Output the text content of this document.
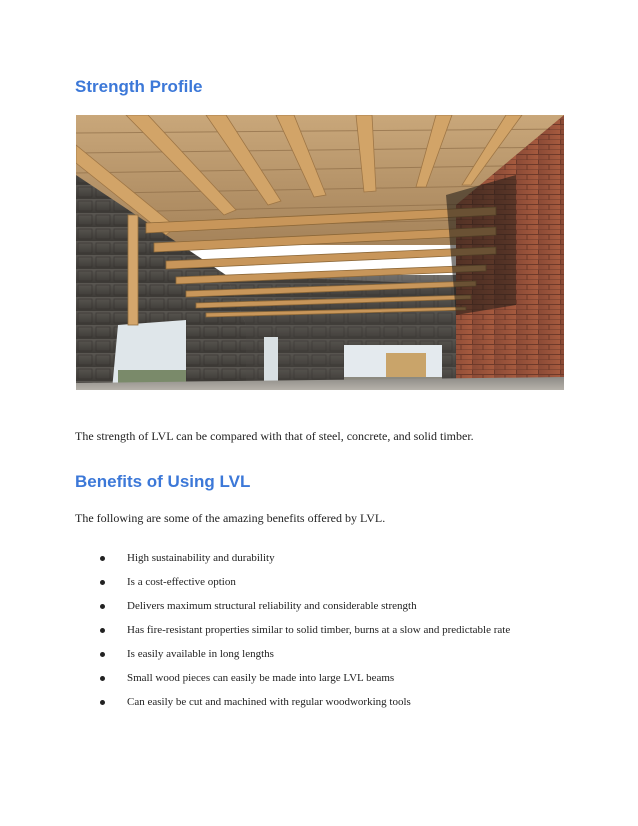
Strength Profile

The strength of LVL can be compared with that of steel, concrete, and solid timber.

Benefits of Using LVL

The following are some of the amazing benefits offered by LVL.

High sustainability and durability
Is a cost-effective option
Delivers maximum structural reliability and considerable strength
Has fire-resistant properties similar to solid timber, burns at a slow and predictable rate
Is easily available in long lengths
Small wood pieces can easily be made into large LVL beams
Can easily be cut and machined with regular woodworking tools
